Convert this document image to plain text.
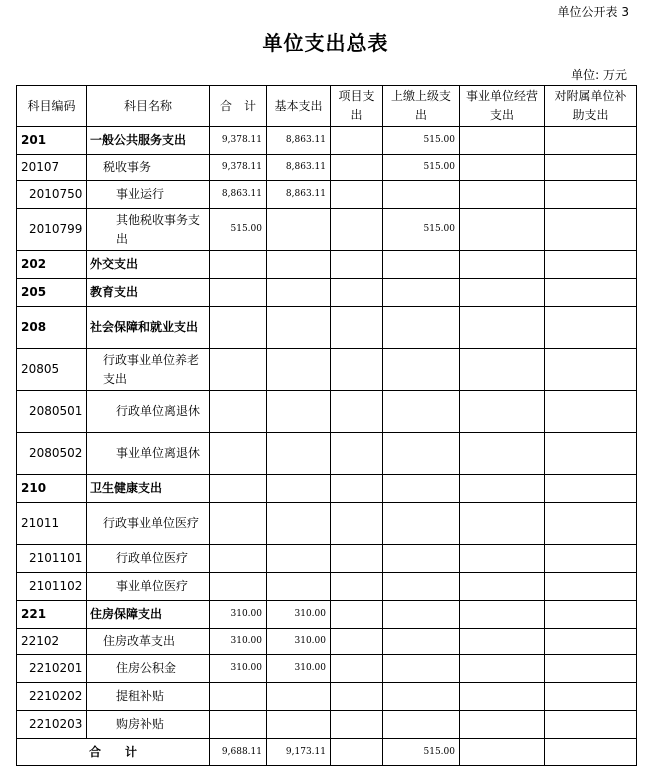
单位公开表 3
单位支出总表
单位: 万元
科目编码	科目名称	合　计	基本支出	项目支出	上缴上级支出	事业单位经营支出	对附属单位补助支出
201	一般公共服务支出	9,378.11	8,863.11		515.00		
20107	税收事务	9,378.11	8,863.11		515.00		
2010750	事业运行	8,863.11	8,863.11				
2010799	其他税收事务支出	515.00			515.00		
202	外交支出						
205	教育支出						
208	社会保障和就业支出						
20805	行政事业单位养老支出						
2080501	行政单位离退休						
2080502	事业单位离退休						
210	卫生健康支出						
21011	行政事业单位医疗						
2101101	行政单位医疗						
2101102	事业单位医疗						
221	住房保障支出	310.00	310.00				
22102	住房改革支出	310.00	310.00				
2210201	住房公积金	310.00	310.00				
2210202	提租补贴						
2210203	购房补贴						
合　　计		9,688.11	9,173.11		515.00		
